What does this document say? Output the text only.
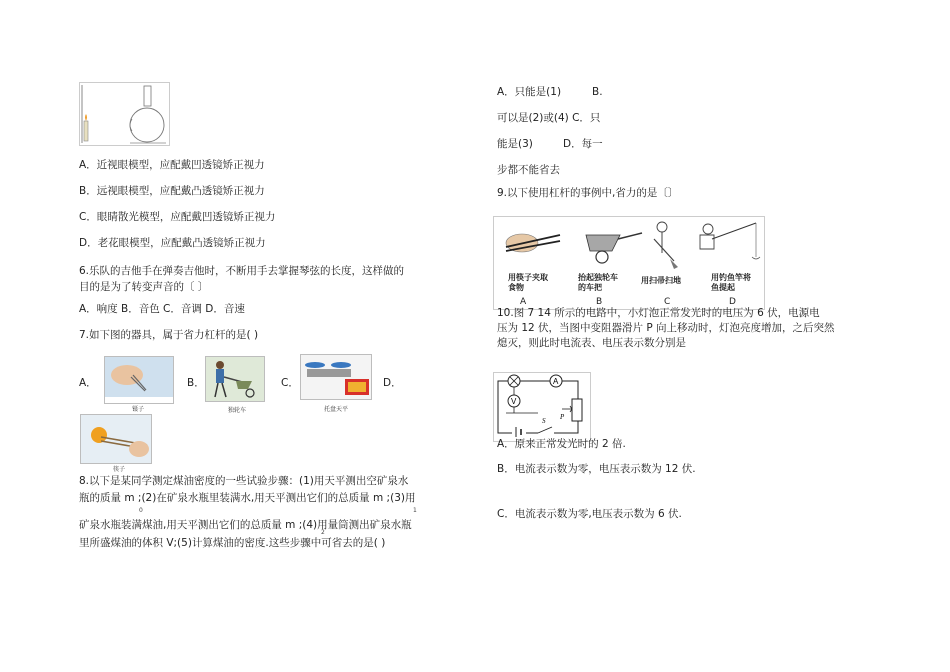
A．近视眼模型，应配戴凹透镜矫正视力
B．远视眼模型，应配戴凸透镜矫正视力
C．眼睛散光模型，应配戴凹透镜矫正视力
D．老花眼模型，应配戴凸透镜矫正视力
6.乐队的吉他手在弹奏吉他时，不断用手去掌握琴弦的长度，这样做的
目的是为了转变声音的〔 〕
A．响度 B．音色 C．音调 D．音速
7.如下图的器具，属于省力杠杆的是( )
A．
镊子
B．
独轮车
C．
托盘天平
D．
筷子
8.以下是某同学测定煤油密度的一些试验步骤：(1)用天平测出空矿泉水
瓶的质量 m ;(2)在矿泉水瓶里装满水,用天平测出它们的总质量 m ;(3)用
0	1
矿泉水瓶装满煤油,用天平测出它们的总质量 m ;(4)用量筒测出矿泉水瓶
2
里所盛煤油的体积 V;(5)计算煤油的密度.这些步骤中可省去的是( )
A．只能是(1)	B.
可以是(2)或(4) C．只
能是(3)	D．每一
步都不能省去
9.以下使用杠杆的事例中,省力的是〔〕
用筷子夹取食物
抬起独轮车的车把
用扫帚扫地	用钓鱼竿将鱼提起
A	B	C	D
10.图 7 14 所示的电路中，小灯泡正常发光时的电压为 6 伏，电源电
压为 12 伏，当图中变阻器滑片 P 向上移动时，灯泡亮度增加，之后突然
熄灭，则此时电流表、电压表示数分别是
A
V
P
S
A．原来正常发光时的 2 倍.
B．电流表示数为零，电压表示数为 12 伏.
C．电流表示数为零,电压表示数为 6 伏.
